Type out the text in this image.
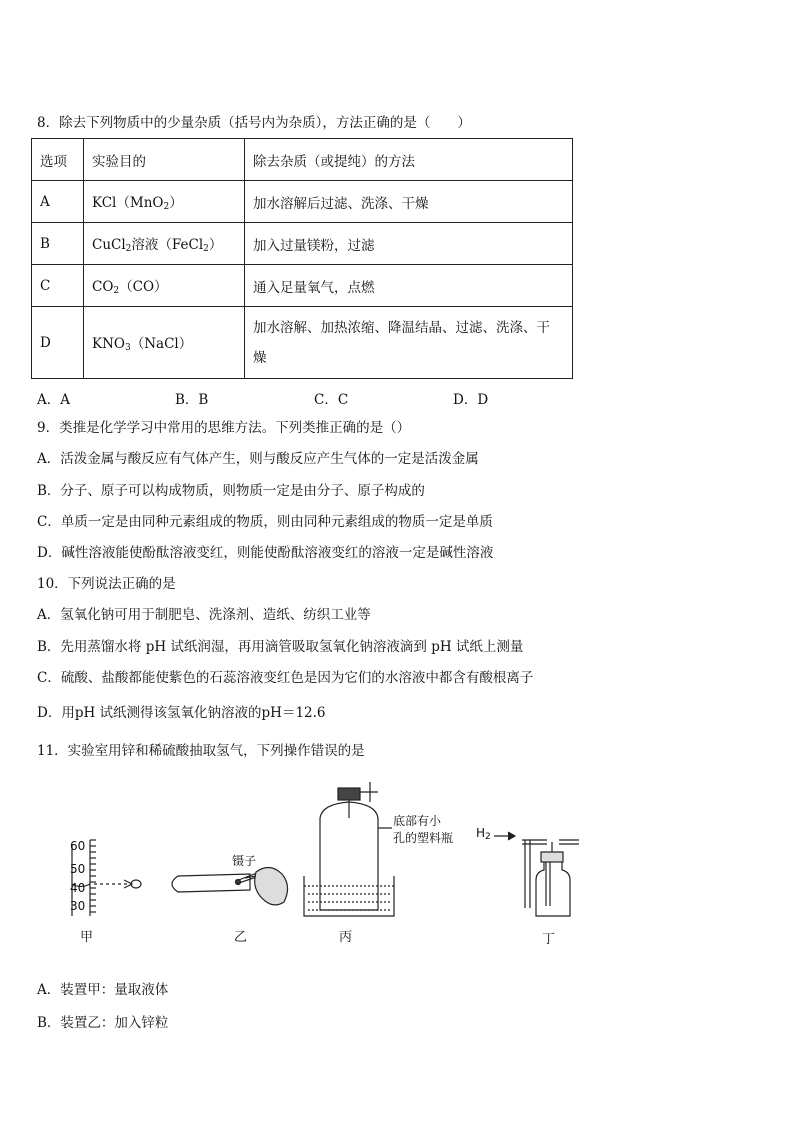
8．除去下列物质中的少量杂质（括号内为杂质），方法正确的是（　　）
选项	实验目的	除去杂质（或提纯）的方法
A	KCl（MnO$_2$）	加水溶解后过滤、洗涤、干燥
B	CuCl$_2$溶液（FeCl$_2$）	加入过量镁粉，过滤
C	$CO_2(CO)$	通入足量氧气，点燃
D	$KNO_3(NaCl)$	加水溶解、加热浓缩、降温结晶、过滤、洗涤、干
燥
A．A	B．B	C．C	D．D
9．类推是化学学习中常用的思维方法。下列类推正确的是（）
A．活泼金属与酸反应有气体产生，则与酸反应产生气体的一定是活泼金属
B．分子、原子可以构成物质，则物质一定是由分子、原子构成的
C．单质一定是由同种元素组成的物质，则由同种元素组成的物质一定是单质
D．碱性溶液能使酚酞溶液变红，则能使酚酞溶液变红的溶液一定是碱性溶液
10．下列说法正确的是
A．氢氧化钠可用于制肥皂、洗涤剂、造纸、纺织工业等
B．先用蒸馏水将 pH 试纸润湿，再用滴管吸取氢氧化钠溶液滴到 pH 试纸上测量
C．硫酸、盐酸都能使紫色的石蕊溶液变红色是因为它们的水溶液中都含有酸根离子
D．用pH 试纸测得该氢氧化钠溶液的pH＝12.6
11．实验室用锌和稀硫酸抽取氢气，下列操作错误的是
60
50
40
30
镊子
底部有小
孔的塑料瓶 $H_2$
甲	乙	丙	丁
A．装置甲：量取液体
B．装置乙：加入锌粒
